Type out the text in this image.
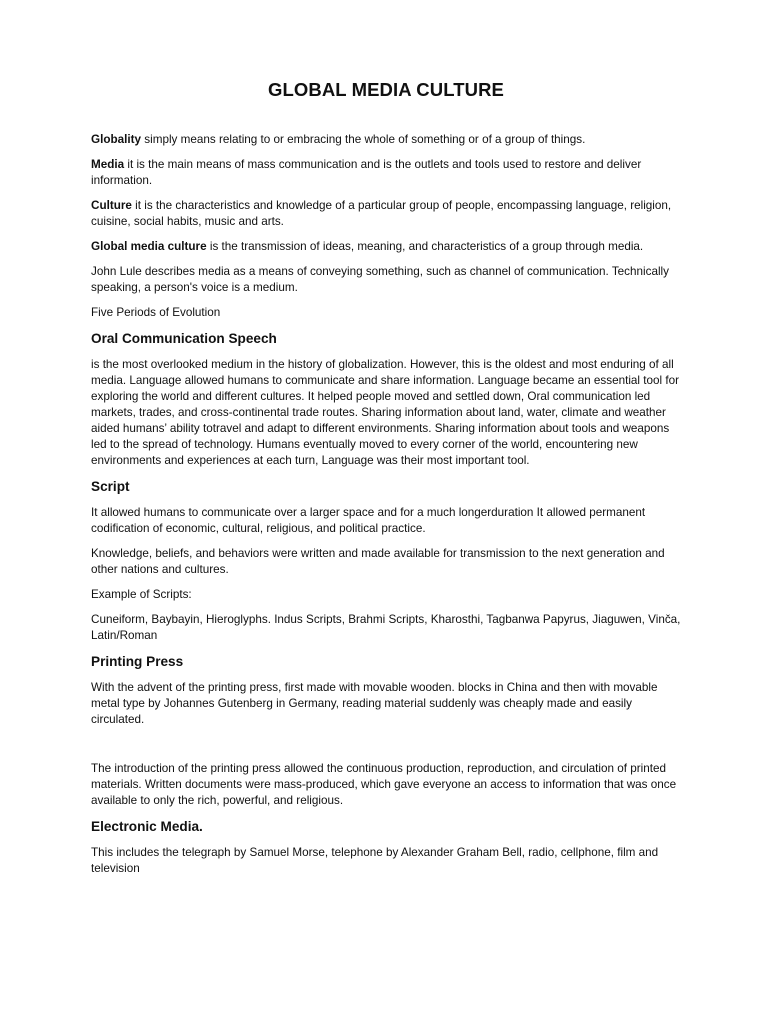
GLOBAL MEDIA CULTURE

Globality simply means relating to or embracing the whole of something or of a group of things.

Media it is the main means of mass communication and is the outlets and tools used to restore and deliver information.

Culture it is the characteristics and knowledge of a particular group of people, encompassing language, religion, cuisine, social habits, music and arts.

Global media culture is the transmission of ideas, meaning, and characteristics of a group through media.

John Lule describes media as a means of conveying something, such as channel of communication. Technically speaking, a person's voice is a medium.

Five Periods of Evolution

Oral Communication Speech

is the most overlooked medium in the history of globalization. However, this is the oldest and most enduring of all media. Language allowed humans to communicate and share information. Language became an essential tool for exploring the world and different cultures. It helped people moved and settled down, Oral communication led markets, trades, and cross-continental trade routes. Sharing information about land, water, climate and weather aided humans’ ability totravel and adapt to different environments. Sharing information about tools and weapons led to the spread of technology. Humans eventually moved to every corner of the world, encountering new environments and experiences at each turn, Language was their most important tool.

Script

It allowed humans to communicate over a larger space and for a much longerduration It allowed permanent codification of economic, cultural, religious, and political practice.

Knowledge, beliefs, and behaviors were written and made available for transmission to the next generation and other nations and cultures.

Example of Scripts:

Cuneiform, Baybayin, Hieroglyphs. Indus Scripts, Brahmi Scripts, Kharosthi, Tagbanwa Papyrus, Jiaguwen, Vinča, Latin/Roman

Printing Press

With the advent of the printing press, first made with movable wooden. blocks in China and then with movable metal type by Johannes Gutenberg in Germany, reading material suddenly was cheaply made and easily circulated.

The introduction of the printing press allowed the continuous production, reproduction, and circulation of printed materials. Written documents were mass-produced, which gave everyone an access to information that was once available to only the rich, powerful, and religious.

Electronic Media.

This includes the telegraph by Samuel Morse, telephone by Alexander Graham Bell, radio, cellphone, film and television
